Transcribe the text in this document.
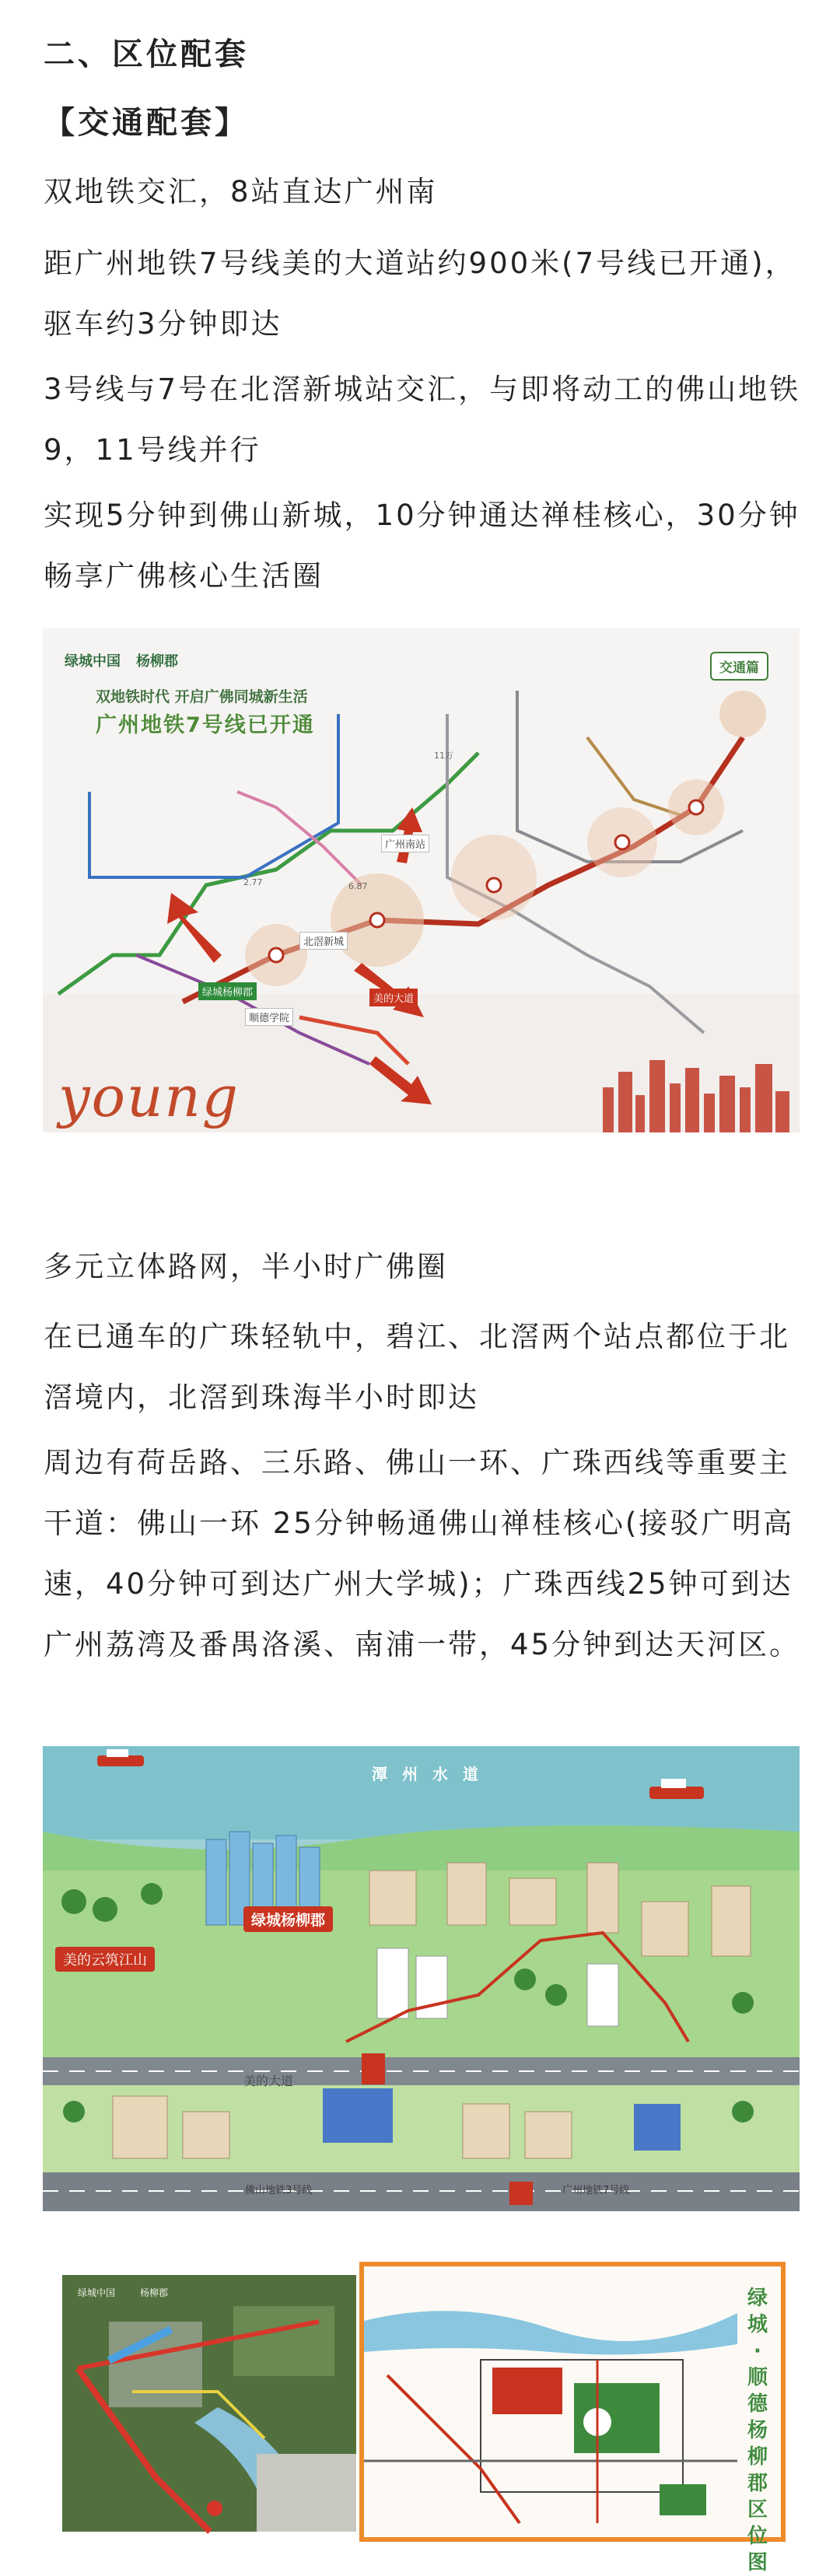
二、区位配套
【交通配套】

双地铁交汇，8站直达广州南

距广州地铁7号线美的大道站约900米(7号线已开通)，驱车约3分钟即达

3号线与7号在北滘新城站交汇，与即将动工的佛山地铁9，11号线并行

实现5分钟到佛山新城，10分钟通达禅桂核心，30分钟畅享广佛核心生活圈

绿城中国 杨柳郡
双地铁时代 开启广佛同城新生活
广州地铁7号线已开通
交通篇
广州南站
绿城杨柳郡
北滘新城
美的大道
顺德学院
6.87
2.77
11万
young

多元立体路网，半小时广佛圈

在已通车的广珠轻轨中，碧江、北滘两个站点都位于北滘境内，北滘到珠海半小时即达

周边有荷岳路、三乐路、佛山一环、广珠西线等重要主干道：佛山一环 25分钟畅通佛山禅桂核心(接驳广明高速，40分钟可到达广州大学城)；广珠西线25钟可到达广州荔湾及番禺洛溪、南浦一带，45分钟到达天河区。

潭 州 水 道
绿城杨柳郡
美的云筑江山
美的大道
佛山地铁3号线	广州地铁7号线
绿城中国	杨柳郡	绿城·顺德杨柳郡区位图
